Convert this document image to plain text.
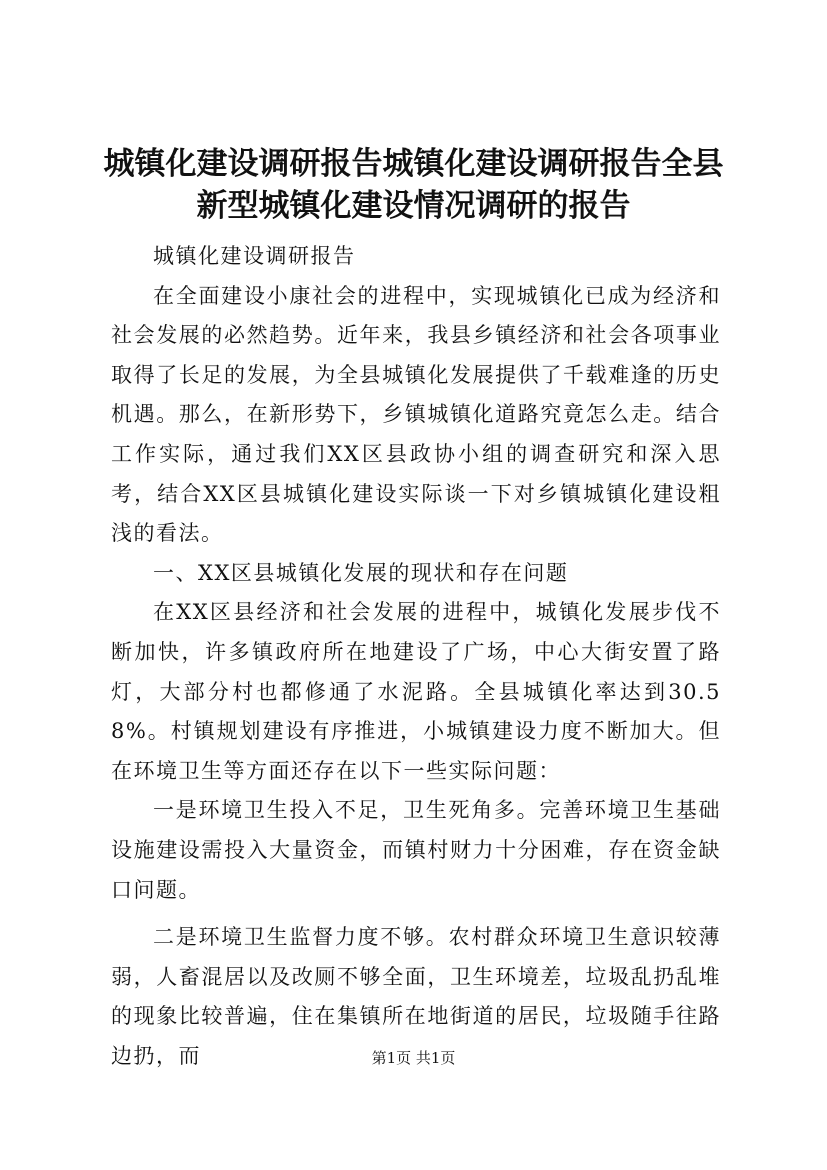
城镇化建设调研报告城镇化建设调研报告全县新型城镇化建设情况调研的报告

城镇化建设调研报告

在全面建设小康社会的进程中，实现城镇化已成为经济和社会发展的必然趋势。近年来，我县乡镇经济和社会各项事业取得了长足的发展，为全县城镇化发展提供了千载难逢的历史机遇。那么，在新形势下，乡镇城镇化道路究竟怎么走。结合工作实际，通过我们XX区县政协小组的调查研究和深入思考，结合XX区县城镇化建设实际谈一下对乡镇城镇化建设粗浅的看法。

一、XX区县城镇化发展的现状和存在问题

在XX区县经济和社会发展的进程中，城镇化发展步伐不断加快，许多镇政府所在地建设了广场，中心大街安置了路灯，大部分村也都修通了水泥路。全县城镇化率达到30.58%。村镇规划建设有序推进，小城镇建设力度不断加大。但在环境卫生等方面还存在以下一些实际问题：

一是环境卫生投入不足，卫生死角多。完善环境卫生基础设施建设需投入大量资金，而镇村财力十分困难，存在资金缺口问题。

二是环境卫生监督力度不够。农村群众环境卫生意识较薄弱，人畜混居以及改厕不够全面，卫生环境差，垃圾乱扔乱堆的现象比较普遍，住在集镇所在地街道的居民，垃圾随手往路边扔，而	第1页 共1页
